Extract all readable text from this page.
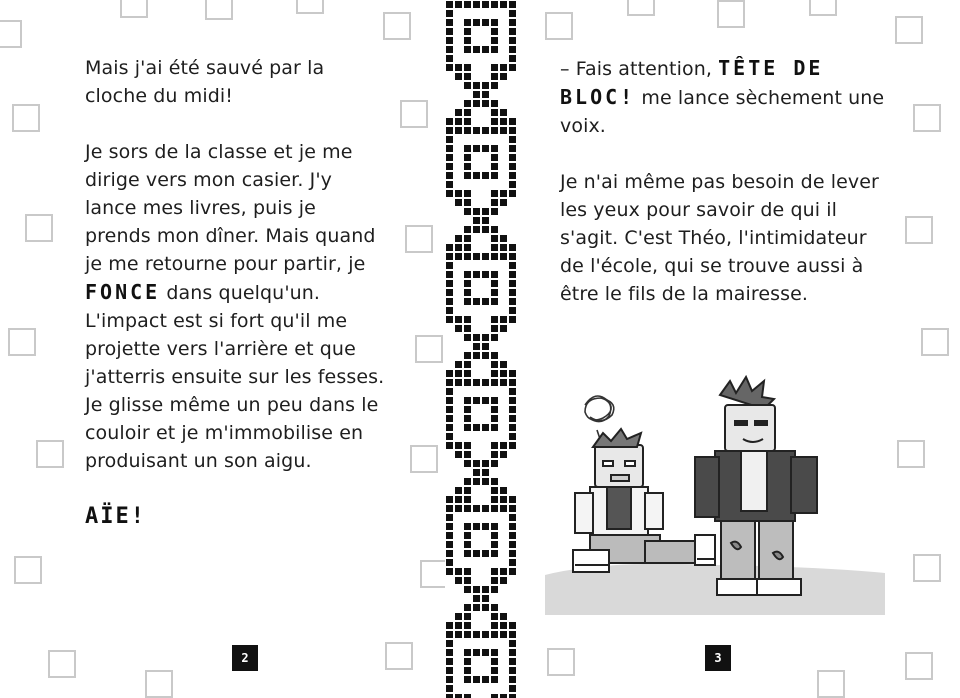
Mais j'ai été sauvé par la cloche du midi!

Je sors de la classe et je me dirige vers mon casier. J'y lance mes livres, puis je prends mon dîner. Mais quand je me retourne pour partir, je FONCE dans quelqu'un. L'impact est si fort qu'il me projette vers l'arrière et que j'atterris ensuite sur les fesses. Je glisse même un peu dans le couloir et je m'immobilise en produisant un son aigu.

AÏE!

2

– Fais attention, TÊTE DE BLOC! me lance sèchement une voix.

Je n'ai même pas besoin de lever les yeux pour savoir de qui il s'agit. C'est Théo, l'intimidateur de l'école, qui se trouve aussi à être le fils de la mairesse.

3
